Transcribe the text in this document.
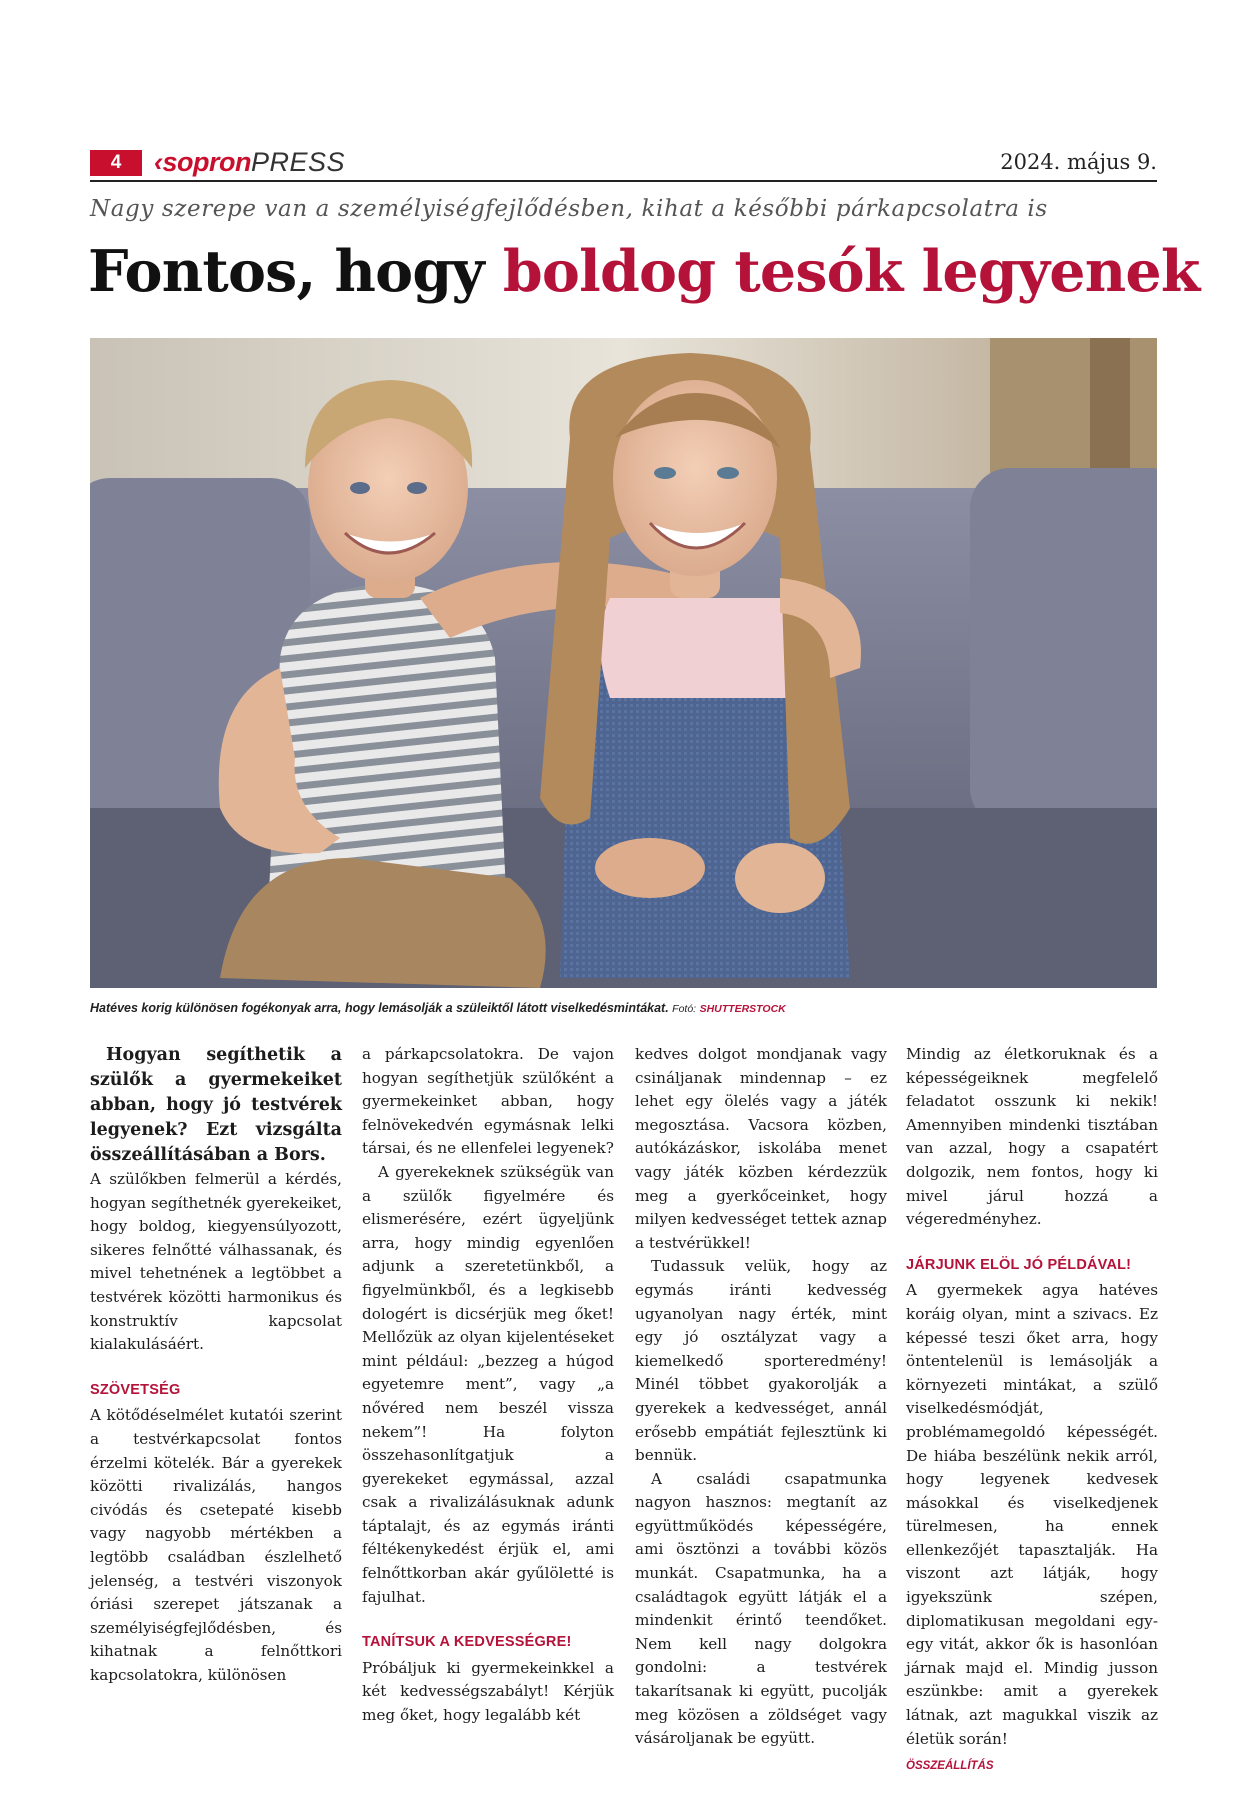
4	‹sopronPRESS	2024. május 9.
Nagy szerepe van a személyiségfejlődésben, kihat a későbbi párkapcsolatra is
Fontos, hogy boldog tesók legyenek
Hatéves korig különösen fogékonyak arra, hogy lemásolják a szüleiktől látott viselkedésmintákat. Fotó: SHUTTERSTOCK

Hogyan segíthetik a szülők a gyermekeiket abban, hogy jó testvérek legyenek? Ezt vizsgálta összeállításában a Bors.

A szülőkben felmerül a kérdés, hogyan segíthetnék gyerekeiket, hogy boldog, kiegyensúlyozott, sikeres felnőtté válhassanak, és mivel tehetnének a legtöbbet a testvérek közötti harmonikus és konstruktív kapcsolat kialakulásáért.

SZÖVETSÉG

A kötődéselmélet kutatói szerint a testvérkapcsolat fontos érzelmi kötelék. Bár a gyerekek közötti rivalizálás, hangos civódás és csetepaté kisebb vagy nagyobb mértékben a legtöbb családban észlelhető jelenség, a testvéri viszonyok óriási szerepet játszanak a személyiségfejlődésben, és kihatnak a felnőttkori kapcsolatokra, különösen

a párkapcsolatokra. De vajon hogyan segíthetjük szülőként a gyermekeinket abban, hogy felnövekedvén egymásnak lelki társai, és ne ellenfelei legyenek?

A gyerekeknek szükségük van a szülők figyelmére és elismerésére, ezért ügyeljünk arra, hogy mindig egyenlően adjunk a szeretetünkből, a figyelmünkből, és a legkisebb dologért is dicsérjük meg őket! Mellőzük az olyan kijelentéseket mint például: „bezzeg a húgod egyetemre ment”, vagy „a nővéred nem beszél vissza nekem”! Ha folyton összehasonlítgatjuk a gyerekeket egymással, azzal csak a rivalizálásuknak adunk táptalajt, és az egymás iránti féltékenykedést érjük el, ami felnőttkorban akár gyűlöletté is fajulhat.

TANÍTSUK A KEDVESSÉGRE!

Próbáljuk ki gyermekeinkkel a két kedvességszabályt! Kérjük meg őket, hogy legalább két

kedves dolgot mondjanak vagy csináljanak mindennap – ez lehet egy ölelés vagy a játék megosztása. Vacsora közben, autókázáskor, iskolába menet vagy játék közben kérdezzük meg a gyerkőceinket, hogy milyen kedvességet tettek aznap a testvérükkel!

Tudassuk velük, hogy az egymás iránti kedvesség ugyanolyan nagy érték, mint egy jó osztályzat vagy a kiemelkedő sporteredmény! Minél többet gyakorolják a gyerekek a kedvességet, annál erősebb empátiát fejlesztünk ki bennük.

A családi csapatmunka nagyon hasznos: megtanít az együttműködés képességére, ami ösztönzi a további közös munkát. Csapatmunka, ha a családtagok együtt látják el a mindenkit érintő teendőket. Nem kell nagy dolgokra gondolni: a testvérek takarítsanak ki együtt, pucolják meg közösen a zöldséget vagy vásároljanak be együtt.

Mindig az életkoruknak és a képességeiknek megfelelő feladatot osszunk ki nekik! Amennyiben mindenki tisztában van azzal, hogy a csapatért dolgozik, nem fontos, hogy ki mivel járul hozzá a végeredményhez.

JÁRJUNK ELÖL JÓ PÉLDÁVAL!

A gyermekek agya hatéves koráig olyan, mint a szivacs. Ez képessé teszi őket arra, hogy öntentelenül is lemásolják a környezeti mintákat, a szülő viselkedésmódját, problémamegoldó képességét. De hiába beszélünk nekik arról, hogy legyenek kedvesek másokkal és viselkedjenek türelmesen, ha ennek ellenkezőjét tapasztalják. Ha viszont azt látják, hogy igyekszünk szépen, diplomatikusan megoldani egy-egy vitát, akkor ők is hasonlóan járnak majd el. Mindig jusson eszünkbe: amit a gyerekek látnak, azt magukkal viszik az életük során!

ÖSSZEÁLLÍTÁS
